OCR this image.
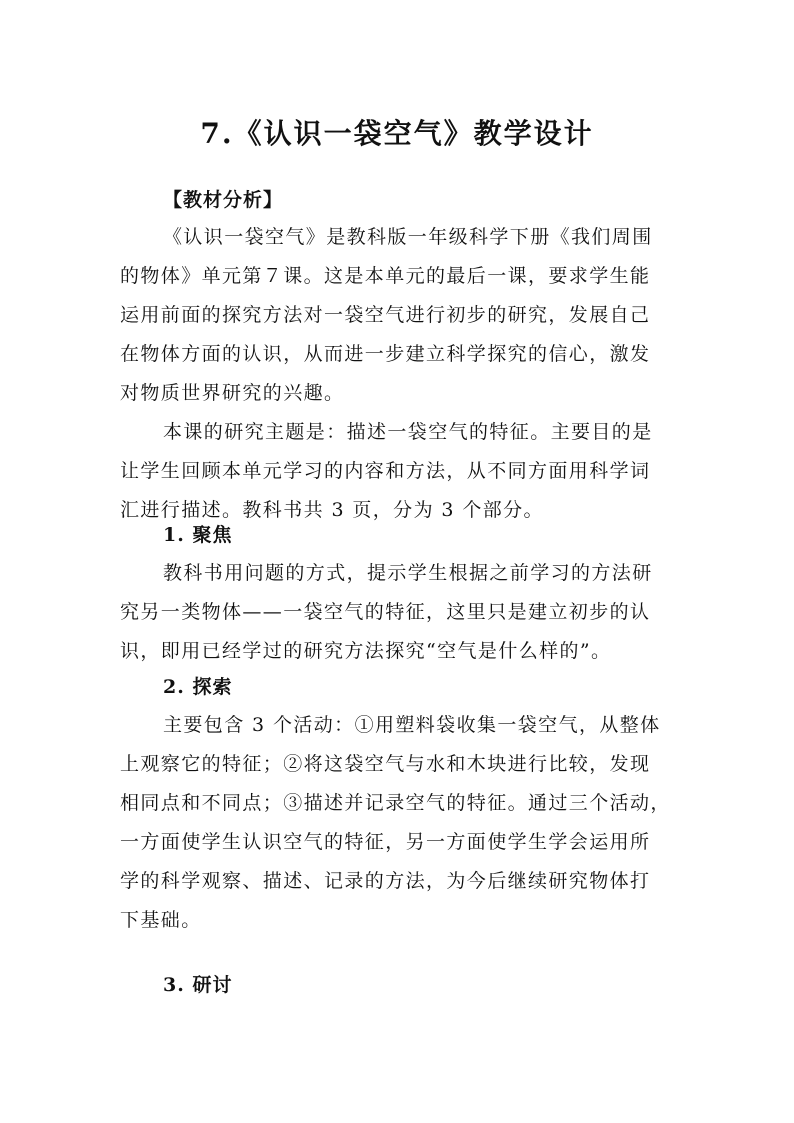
7.《认识一袋空气》教学设计
【教材分析】
《认识一袋空气》是教科版一年级科学下册《我们周围
的物体》单元第７课。这是本单元的最后一课，要求学生能
运用前面的探究方法对一袋空气进行初步的研究，发展自己
在物体方面的认识，从而进一步建立科学探究的信心，激发
对物质世界研究的兴趣。
本课的研究主题是：描述一袋空气的特征。主要目的是
让学生回顾本单元学习的内容和方法，从不同方面用科学词
汇进行描述。教科书共 3 页，分为 3 个部分。
1. 聚焦
教科书用问题的方式，提示学生根据之前学习的方法研
究另一类物体——一袋空气的特征，这里只是建立初步的认
识，即用已经学过的研究方法探究“空气是什么样的”。
2. 探索
主要包含 3 个活动：①用塑料袋收集一袋空气，从整体
上观察它的特征；②将这袋空气与水和木块进行比较，发现
相同点和不同点；③描述并记录空气的特征。通过三个活动，
一方面使学生认识空气的特征，另一方面使学生学会运用所
学的科学观察、描述、记录的方法，为今后继续研究物体打
下基础。
3. 研讨
